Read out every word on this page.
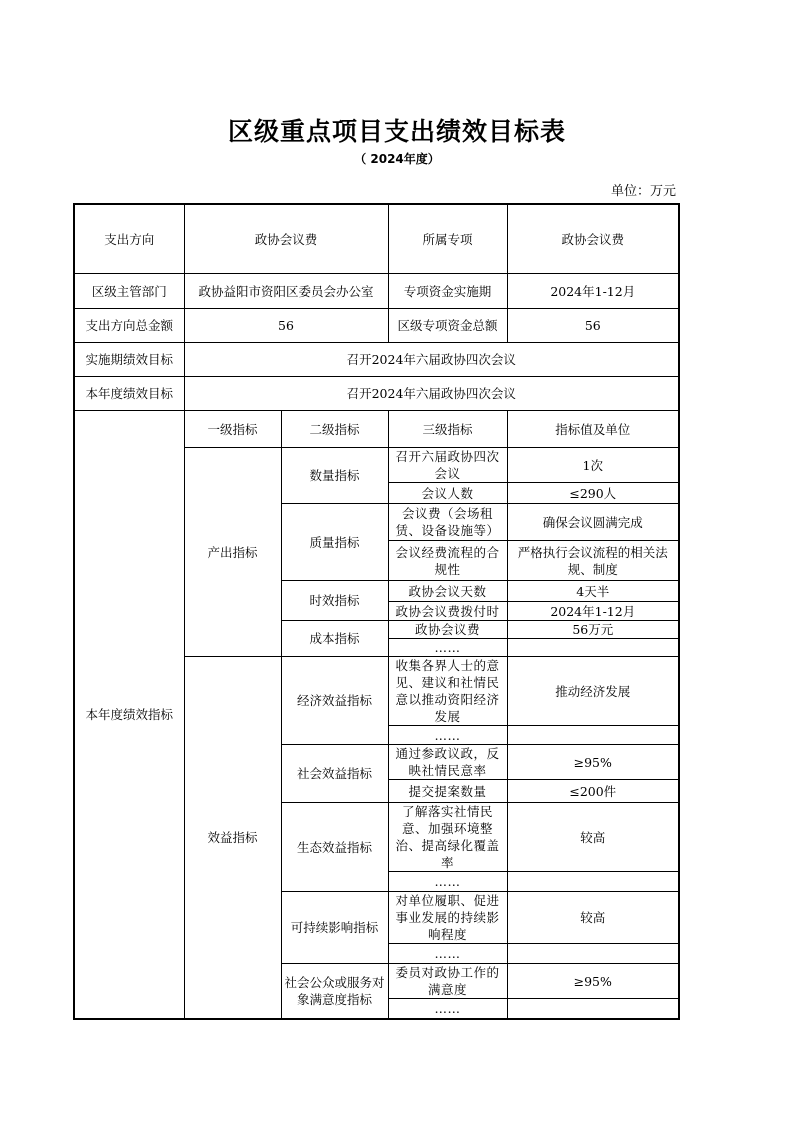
区级重点项目支出绩效目标表
（ 2024年度）
单位：万元
支出方向	政协会议费		所属专项	政协会议费
区级主管部门	政协益阳市资阳区委员会办公室		专项资金实施期	2024年1-12月
支出方向总金额	56		区级专项资金总额	56
实施期绩效目标	召开2024年六届政协四次会议			
本年度绩效目标	召开2024年六届政协四次会议			
本年度绩效指标	一级指标	二级指标	三级指标	指标值及单位
	产出指标	数量指标	召开六届政协四次会议	1次
			会议人数	≤290人
		质量指标	会议费（会场租赁、设备设施等）	确保会议圆满完成
			会议经费流程的合规性	严格执行会议流程的相关法规、制度
		时效指标	政协会议天数	4天半
			政协会议费拨付时	2024年1-12月
		成本指标	政协会议费	56万元
			……	
	效益指标	经济效益指标	收集各界人士的意见、建议和社情民意以推动资阳经济发展	推动经济发展
			……	
		社会效益指标	通过参政议政，反映社情民意率	≥95%
			提交提案数量	≤200件
		生态效益指标	了解落实社情民意、加强环境整治、提高绿化覆盖率	较高
			……	
		可持续影响指标	对单位履职、促进事业发展的持续影响程度	较高
			……	
		社会公众或服务对象满意度指标	委员对政协工作的满意度	≥95%
			……	
